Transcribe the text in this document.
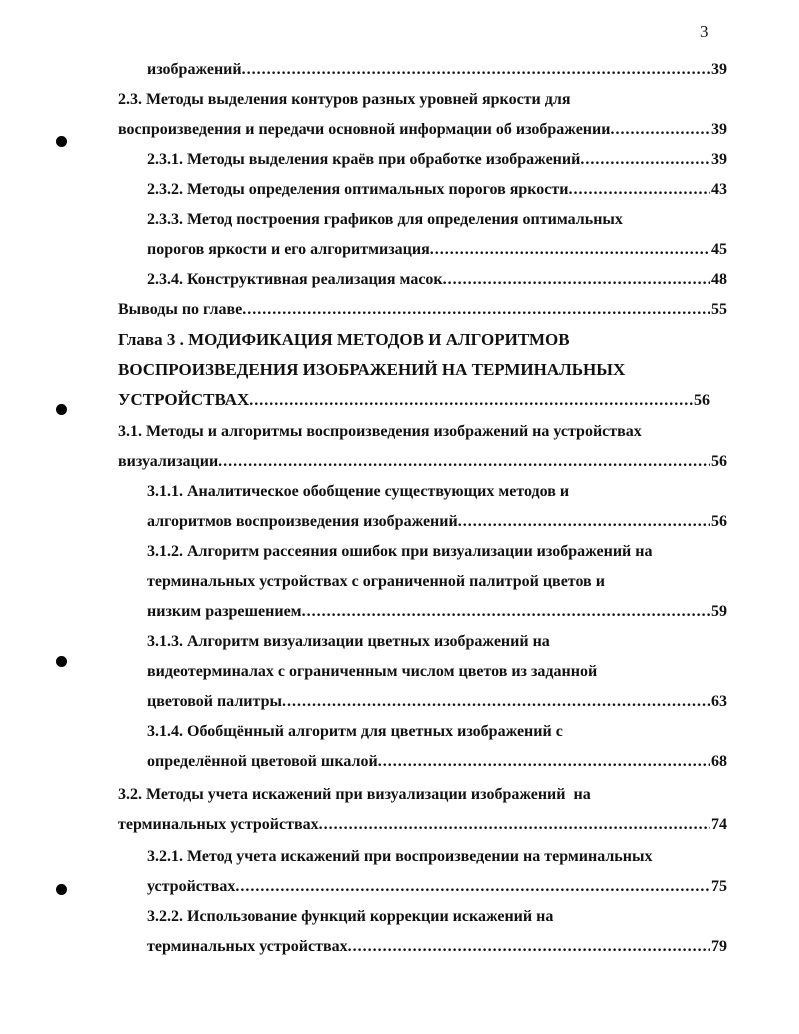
3
изображений .....	39
2.3. Методы выделения контуров разных уровней яркости для
воспроизведения и передачи основной информации об изображении .....	39
2.3.1. Методы выделения краёв при обработке изображений .....	39
2.3.2. Методы определения оптимальных порогов яркости .....	43
2.3.3. Метод построения графиков для определения оптимальных
порогов яркости и его алгоритмизация .....	45
2.3.4. Конструктивная реализация масок .....	48
Выводы по главе .....	55
Глава 3 . МОДИФИКАЦИЯ МЕТОДОВ И АЛГОРИТМОВ
ВОСПРОИЗВЕДЕНИЯ ИЗОБРАЖЕНИЙ НА ТЕРМИНАЛЬНЫХ
УСТРОЙСТВАХ .....	56
3.1. Методы и алгоритмы воспроизведения изображений на устройствах
визуализации .....	56
3.1.1. Аналитическое обобщение существующих методов и
алгоритмов воспроизведения изображений .....	56
3.1.2. Алгоритм рассеяния ошибок при визуализации изображений на
терминальных устройствах с ограниченной палитрой цветов и
низким разрешением .....	59
3.1.3. Алгоритм визуализации цветных изображений на
видеотерминалах с ограниченным числом цветов из заданной
цветовой палитры .....	63
3.1.4. Обобщённый алгоритм для цветных изображений с
определённой цветовой шкалой .....	68
3.2. Методы учета искажений при визуализации изображений  на
терминальных устройствах .....	74
3.2.1. Метод учета искажений при воспроизведении на терминальных
устройствах .....	75
3.2.2. Использование функций коррекции искажений на
терминальных устройствах .....	79
